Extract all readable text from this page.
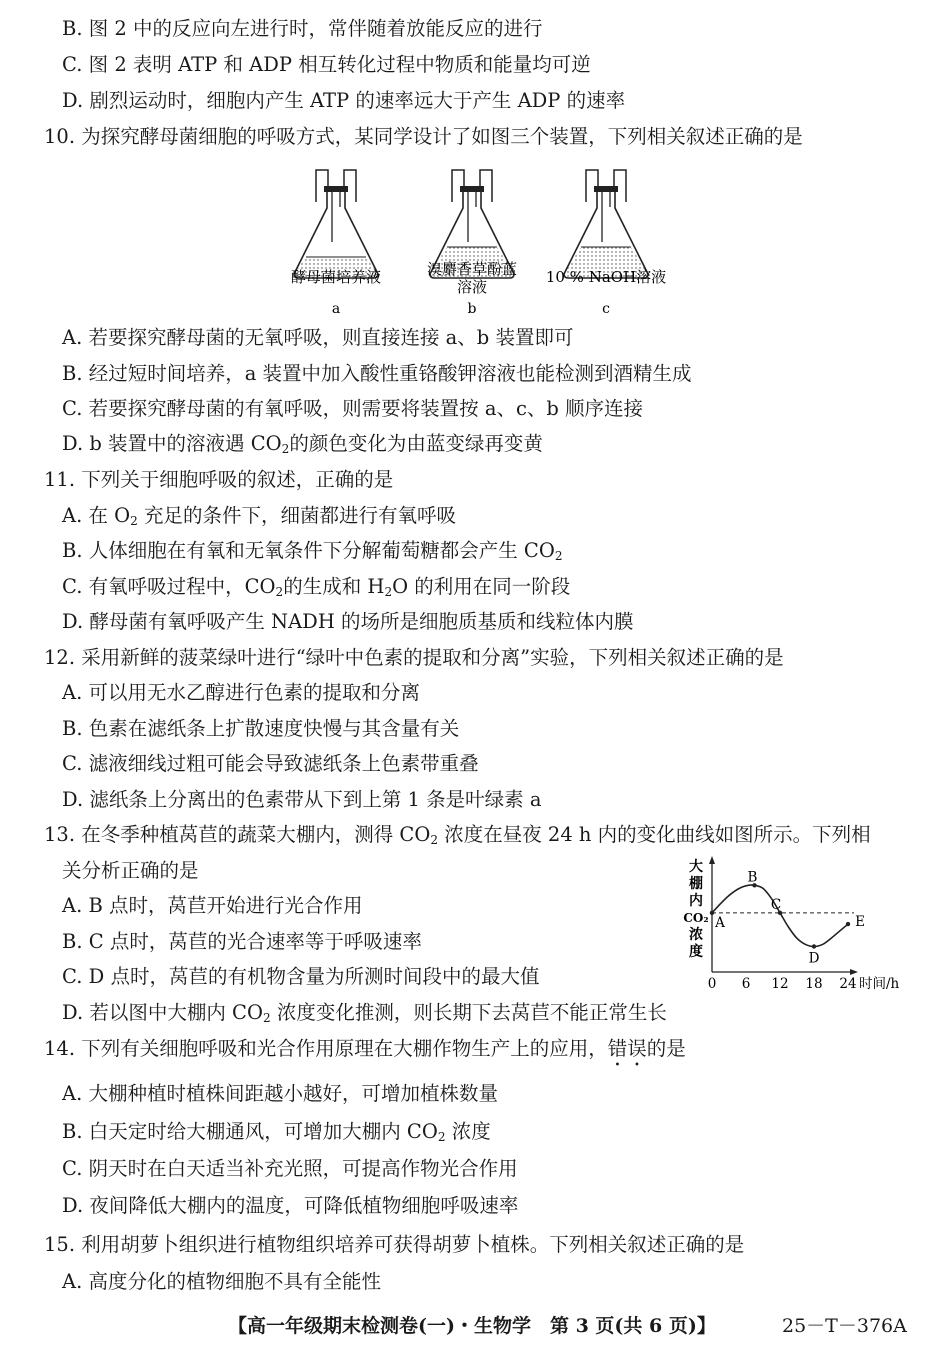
B. 图 2 中的反应向左进行时，常伴随着放能反应的进行
C. 图 2 表明 ATP 和 ADP 相互转化过程中物质和能量均可逆
D. 剧烈运动时，细胞内产生 ATP 的速率远大于产生 ADP 的速率
10. 为探究酵母菌细胞的呼吸方式，某同学设计了如图三个装置，下列相关叙述正确的是
酵母菌培养液	溴麝香草酚蓝
溶液
10 % NaOH溶液
a	b	c
A. 若要探究酵母菌的无氧呼吸，则直接连接 a、b 装置即可
B. 经过短时间培养，a 装置中加入酸性重铬酸钾溶液也能检测到酒精生成
C. 若要探究酵母菌的有氧呼吸，则需要将装置按 a、c、b 顺序连接
D. b 装置中的溶液遇 $CO_2$的颜色变化为由蓝变绿再变黄
11. 下列关于细胞呼吸的叙述，正确的是
A. 在 $O_2$ 充足的条件下，细菌都进行有氧呼吸
B. 人体细胞在有氧和无氧条件下分解葡萄糖都会产生 $CO_2$
C. 有氧呼吸过程中，$CO_2$的生成和 $H_2O$ 的利用在同一阶段
D. 酵母菌有氧呼吸产生 NADH 的场所是细胞质基质和线粒体内膜
12. 采用新鲜的菠菜绿叶进行“绿叶中色素的提取和分离”实验，下列相关叙述正确的是
A. 可以用无水乙醇进行色素的提取和分离
B. 色素在滤纸条上扩散速度快慢与其含量有关
C. 滤液细线过粗可能会导致滤纸条上色素带重叠
D. 滤纸条上分离出的色素带从下到上第 1 条是叶绿素 a
13. 在冬季种植莴苣的蔬菜大棚内，测得 $CO_2$ 浓度在昼夜 24 h 内的变化曲线如图所示。下列相
关分析正确的是
A. B 点时，莴苣开始进行光合作用
B. C 点时，莴苣的光合速率等于呼吸速率
C. D 点时，莴苣的有机物含量为所测时间段中的最大值
D. 若以图中大棚内 $CO_2$ 浓度变化推测，则长期下去莴苣不能正常生长
大
棚
内
CO₂
浓
度
0 6 12 18 24 时间/h
A
B
C
D
E
14. 下列有关细胞呼吸和光合作用原理在大棚作物生产上的应用，错误的是
A. 大棚种植时植株间距越小越好，可增加植株数量
B. 白天定时给大棚通风，可增加大棚内 $CO_2$ 浓度
C. 阴天时在白天适当补充光照，可提高作物光合作用
D. 夜间降低大棚内的温度，可降低植物细胞呼吸速率
15. 利用胡萝卜组织进行植物组织培养可获得胡萝卜植株。下列相关叙述正确的是
A. 高度分化的植物细胞不具有全能性
【高一年级期末检测卷(一)・生物学　第 3 页(共 6 页)】	25－T－376A
